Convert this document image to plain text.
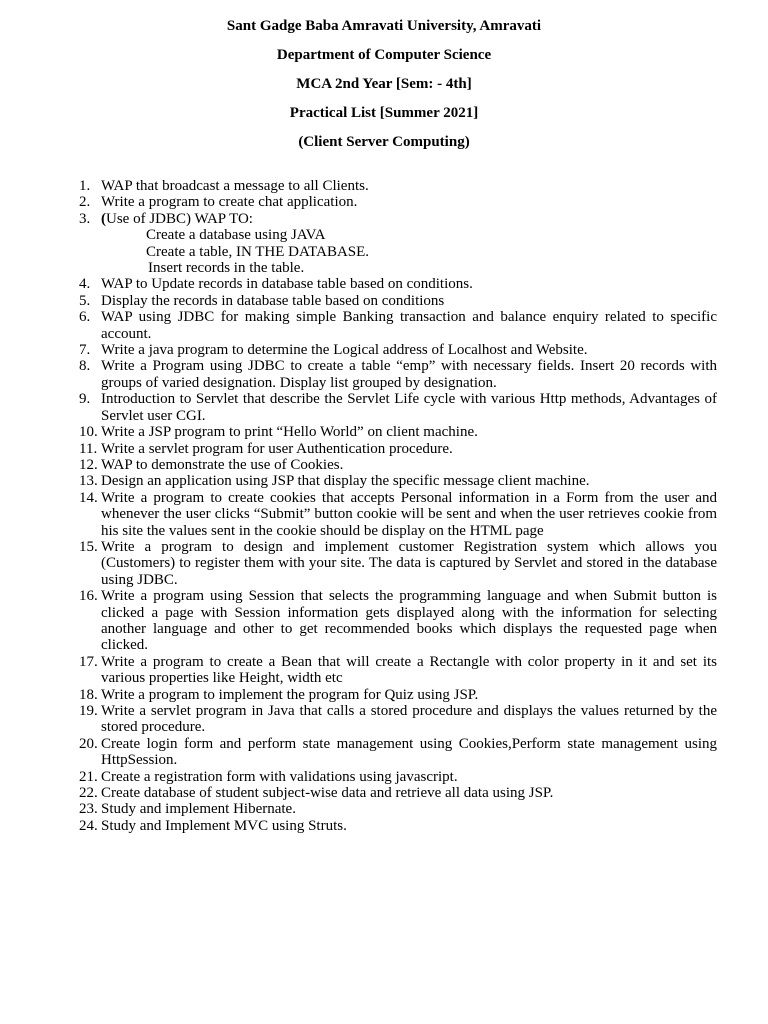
Sant Gadge Baba Amravati University, Amravati
Department of Computer Science
MCA 2nd Year [Sem: - 4th]
Practical List [Summer 2021]
(Client Server Computing)
1. WAP that broadcast a message to all Clients.
2. Write a program to create chat application.
3. (Use of JDBC) WAP TO:
Create a database using JAVA
Create a table, IN THE DATABASE.
Insert records in the table.
4. WAP to Update records in database table based on conditions.
5. Display the records in database table based on conditions
6. WAP using JDBC for making simple Banking transaction and balance enquiry related to specific account.
7. Write a java program to determine the Logical address of Localhost and Website.
8. Write a Program using JDBC to create a table “emp” with necessary fields. Insert 20 records with groups of varied designation. Display list grouped by designation.
9. Introduction to Servlet that describe the Servlet Life cycle with various Http methods, Advantages of Servlet user CGI.
10. Write a JSP program to print “Hello World” on client machine.
11. Write a servlet program for user Authentication procedure.
12. WAP to demonstrate the use of Cookies.
13. Design an application using JSP that display the specific message client machine.
14. Write a program to create cookies that accepts Personal information in a Form from the user and whenever the user clicks “Submit” button cookie will be sent and when the user retrieves cookie from his site the values sent in the cookie should be display on the HTML page
15. Write a program to design and implement customer Registration system which allows you (Customers) to register them with your site. The data is captured by Servlet and stored in the database using JDBC.
16. Write a program using Session that selects the programming language and when Submit button is clicked a page with Session information gets displayed along with the information for selecting another language and other to get recommended books which displays the requested page when clicked.
17. Write a program to create a Bean that will create a Rectangle with color property in it and set its various properties like Height, width etc
18. Write a program to implement the program for Quiz using JSP.
19. Write a servlet program in Java that calls a stored procedure and displays the values returned by the stored procedure.
20. Create login form and perform state management using Cookies,Perform state management using HttpSession.
21. Create a registration form with validations using javascript.
22. Create database of student subject-wise data and retrieve all data using JSP.
23. Study and implement Hibernate.
24. Study and Implement MVC using Struts.
